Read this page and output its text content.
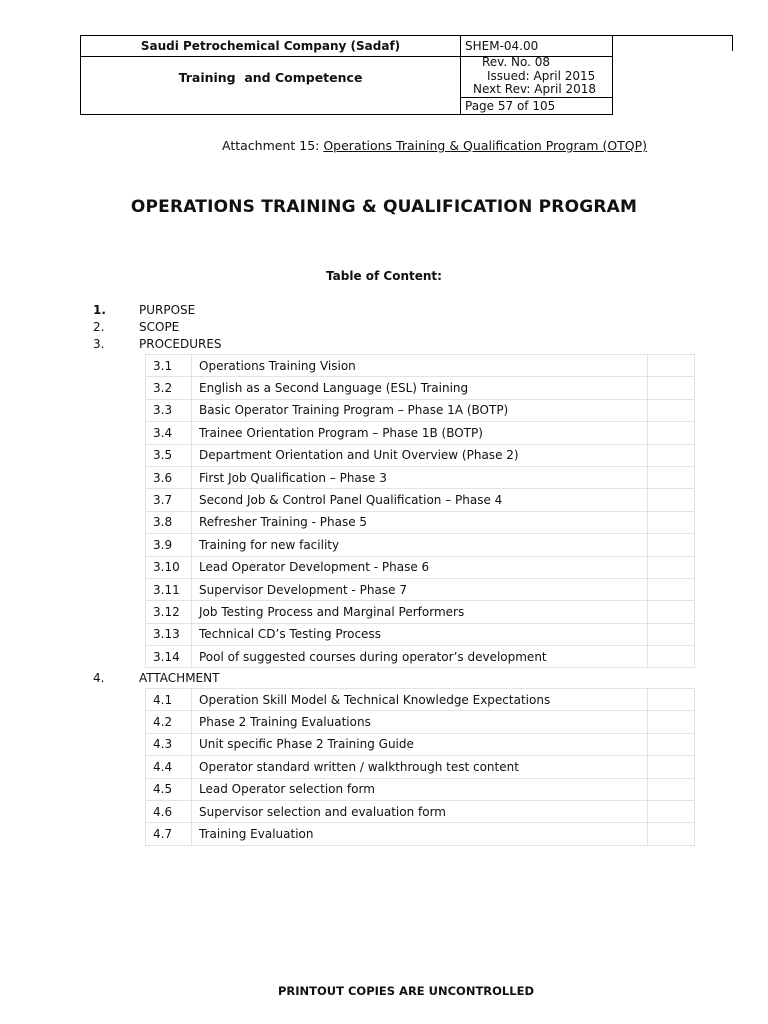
Saudi Petrochemical Company (Sadaf)
Training  and Competence
SHEM-04.00
Rev. No. 08
Issued: April 2015
Next Rev: April 2018
Page 57 of 105
Attachment 15: Operations Training & Qualification Program (OTQP)
OPERATIONS TRAINING & QUALIFICATION PROGRAM
Table of Content:
1.	PURPOSE
2.	SCOPE
3.	PROCEDURES
3.1	Operations Training Vision	
3.2	English as a Second Language (ESL) Training	
3.3	Basic Operator Training Program – Phase 1A (BOTP)	
3.4	Trainee Orientation Program – Phase 1B (BOTP)	
3.5	Department Orientation and Unit Overview (Phase 2)	
3.6	First Job Qualification – Phase 3	
3.7	Second Job & Control Panel Qualification – Phase 4	
3.8	Refresher Training - Phase 5	
3.9	Training for new facility	
3.10	Lead Operator Development - Phase 6	
3.11	Supervisor Development - Phase 7	
3.12	Job Testing Process and Marginal Performers	
3.13	Technical CD’s Testing Process	
3.14	Pool of suggested courses during operator’s development	
4.	ATTACHMENT
4.1	Operation Skill Model & Technical Knowledge Expectations	
4.2	Phase 2 Training Evaluations	
4.3	Unit specific Phase 2 Training Guide	
4.4	Operator standard written / walkthrough test content	
4.5	Lead Operator selection form	
4.6	Supervisor selection and evaluation form	
4.7	Training Evaluation	
PRINTOUT COPIES ARE UNCONTROLLED
